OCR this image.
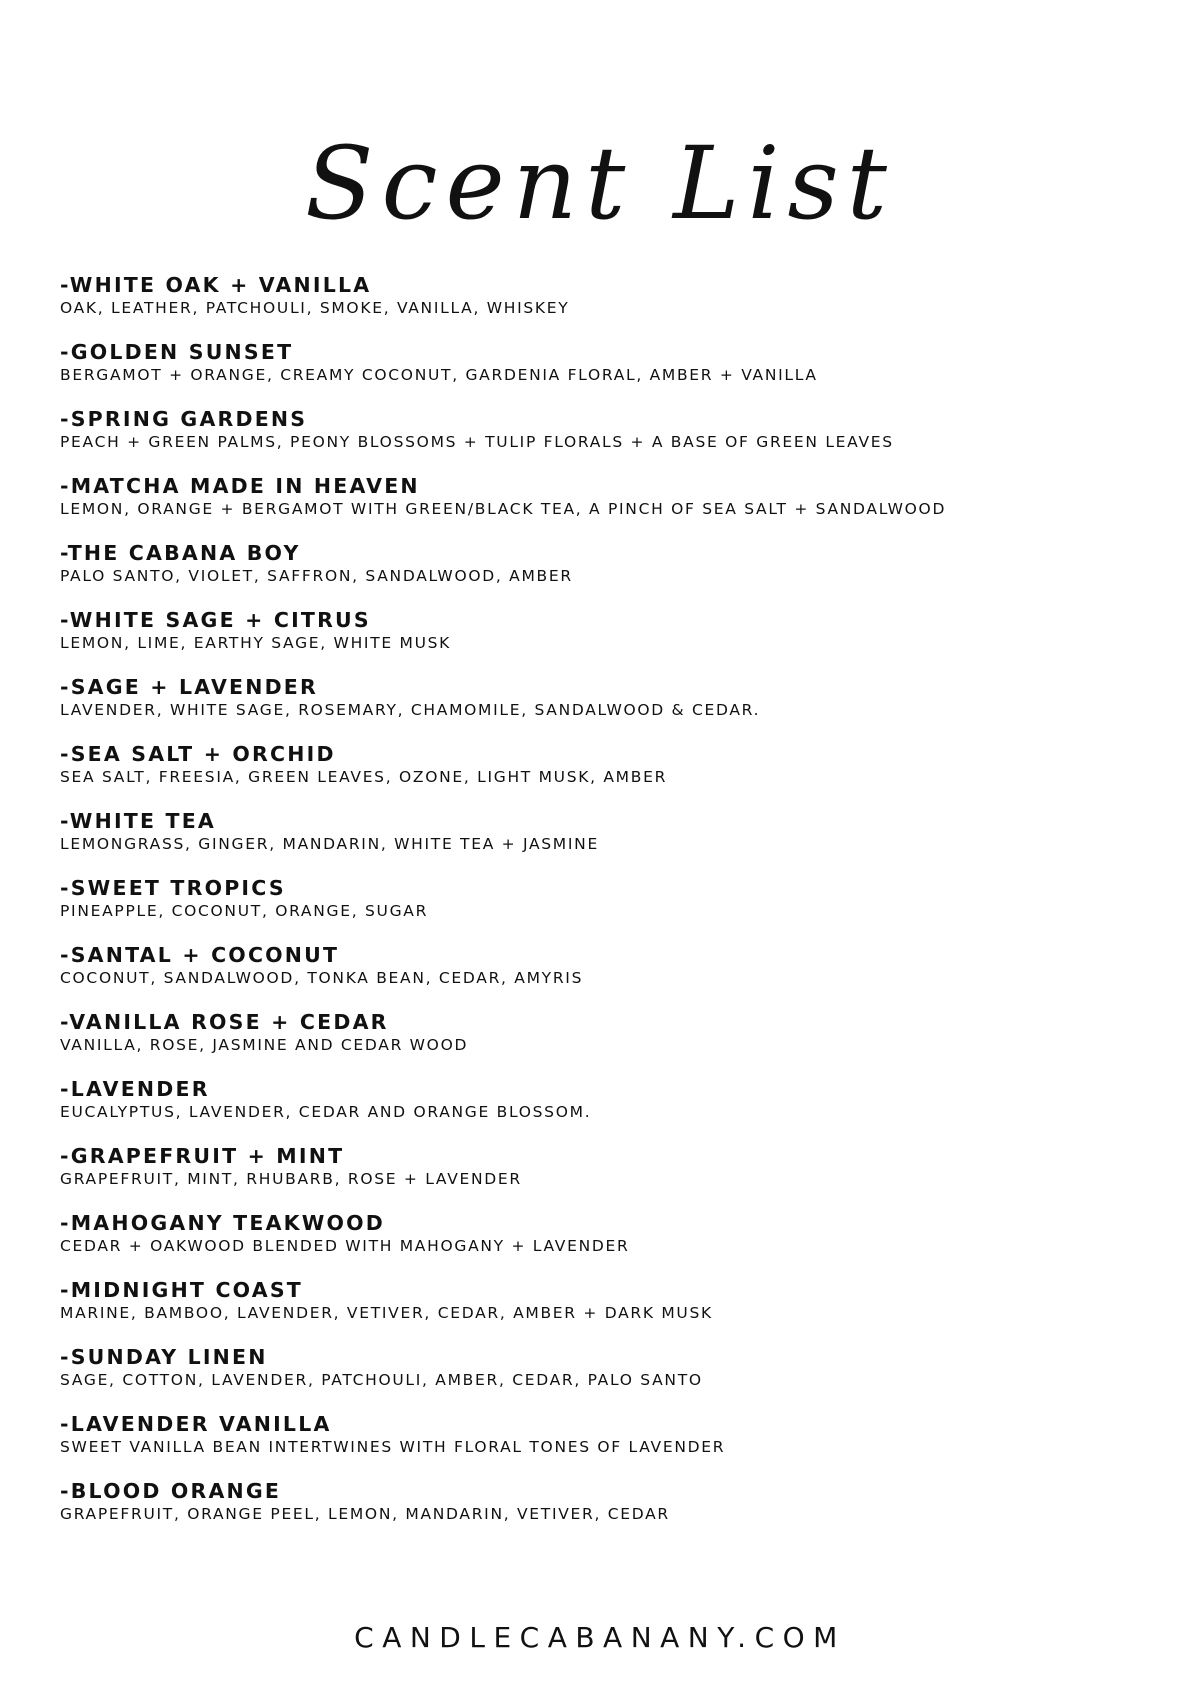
Scent List
-WHITE OAK + VANILLA
OAK, LEATHER, PATCHOULI, SMOKE, VANILLA, WHISKEY
-GOLDEN SUNSET
BERGAMOT + ORANGE, CREAMY COCONUT, GARDENIA FLORAL, AMBER + VANILLA
-SPRING GARDENS
PEACH + GREEN PALMS, PEONY BLOSSOMS + TULIP FLORALS + A BASE OF GREEN LEAVES
-MATCHA MADE IN HEAVEN
LEMON, ORANGE + BERGAMOT WITH GREEN/BLACK TEA, A PINCH OF SEA SALT + SANDALWOOD
-THE CABANA BOY
PALO SANTO, VIOLET, SAFFRON, SANDALWOOD, AMBER
-WHITE SAGE + CITRUS
LEMON, LIME, EARTHY SAGE, WHITE MUSK
-SAGE + LAVENDER
LAVENDER, WHITE SAGE, ROSEMARY, CHAMOMILE, SANDALWOOD & CEDAR.
-SEA SALT + ORCHID
SEA SALT, FREESIA, GREEN LEAVES, OZONE, LIGHT MUSK, AMBER
-WHITE TEA
LEMONGRASS, GINGER, MANDARIN, WHITE TEA + JASMINE
-SWEET TROPICS
PINEAPPLE, COCONUT, ORANGE, SUGAR
-SANTAL + COCONUT
COCONUT, SANDALWOOD, TONKA BEAN, CEDAR, AMYRIS
-VANILLA ROSE + CEDAR
VANILLA, ROSE, JASMINE AND CEDAR WOOD
-LAVENDER
EUCALYPTUS, LAVENDER, CEDAR AND ORANGE BLOSSOM.
-GRAPEFRUIT + MINT
GRAPEFRUIT, MINT, RHUBARB, ROSE + LAVENDER
-MAHOGANY TEAKWOOD
CEDAR + OAKWOOD BLENDED WITH MAHOGANY + LAVENDER
-MIDNIGHT COAST
MARINE, BAMBOO, LAVENDER, VETIVER, CEDAR, AMBER + DARK MUSK
-SUNDAY LINEN
SAGE, COTTON, LAVENDER, PATCHOULI, AMBER, CEDAR, PALO SANTO
-LAVENDER VANILLA
SWEET VANILLA BEAN INTERTWINES WITH FLORAL TONES OF LAVENDER
-BLOOD ORANGE
GRAPEFRUIT, ORANGE PEEL, LEMON, MANDARIN, VETIVER, CEDAR
CANDLECABANANY.COM
